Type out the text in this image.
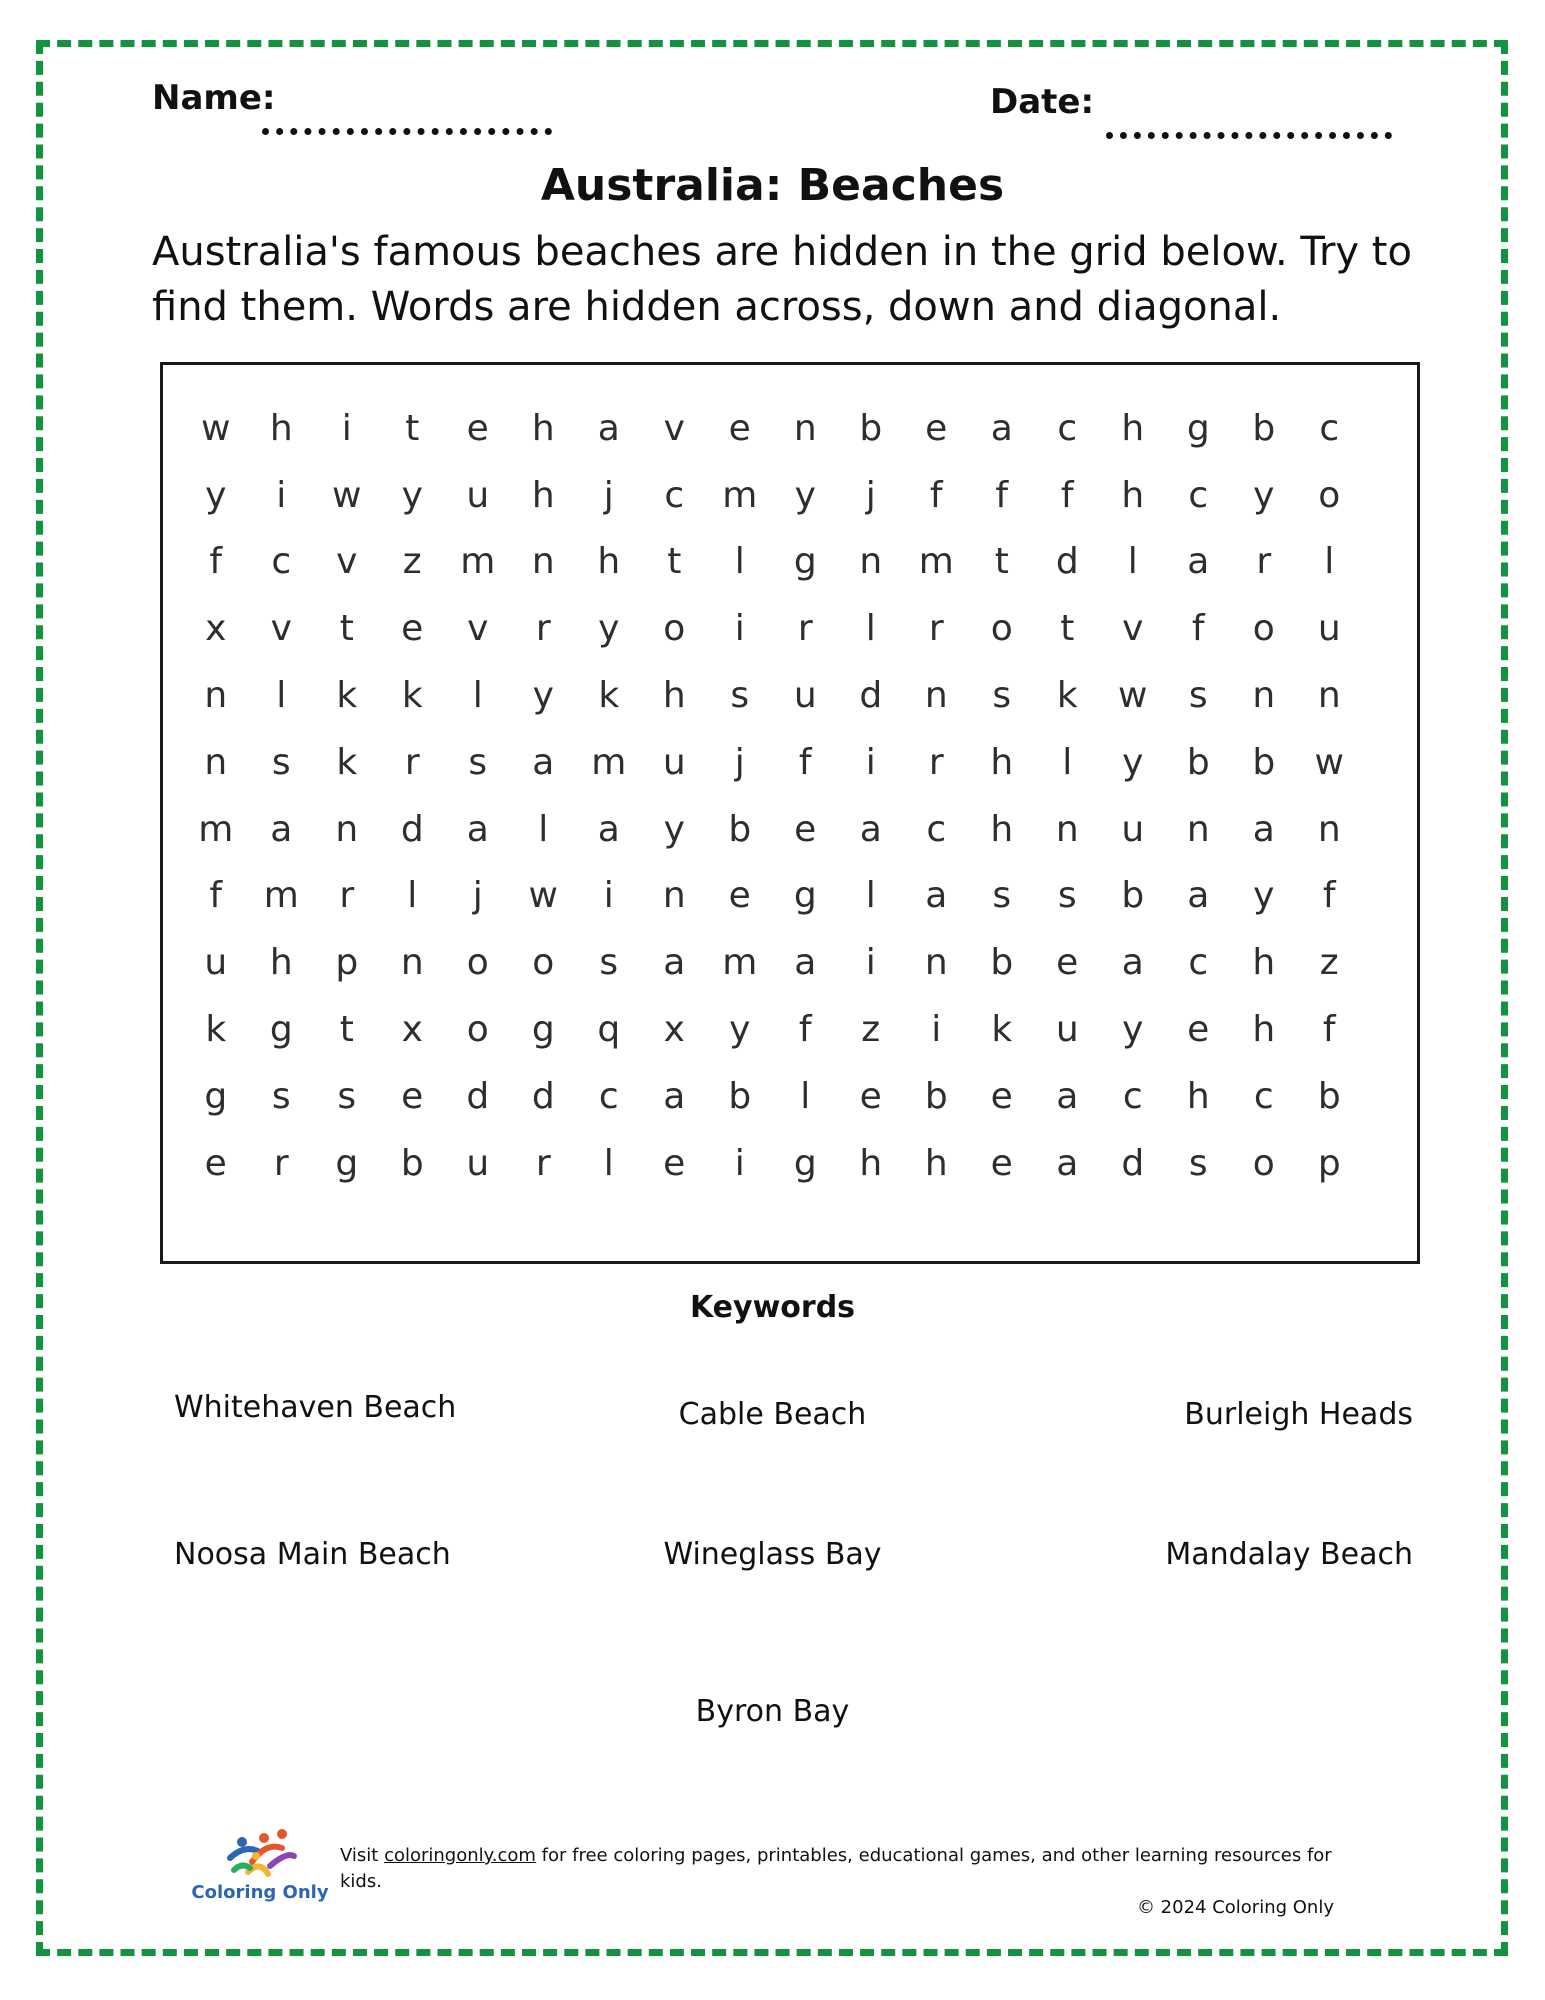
Name:	Date:
Australia: Beaches
Australia's famous beaches are hidden in the grid below. Try to find them. Words are hidden across, down and diagonal.
w	h	i	t	e	h	a	v	e	n	b	e	a	c	h	g	b	c
y	i	w	y	u	h	j	c	m	y	j	f	f	f	h	c	y	o
f	c	v	z	m	n	h	t	l	g	n	m	t	d	l	a	r	l
x	v	t	e	v	r	y	o	i	r	l	r	o	t	v	f	o	u
n	l	k	k	l	y	k	h	s	u	d	n	s	k	w	s	n	n
n	s	k	r	s	a	m	u	j	f	i	r	h	l	y	b	b	w
m	a	n	d	a	l	a	y	b	e	a	c	h	n	u	n	a	n
f	m	r	l	j	w	i	n	e	g	l	a	s	s	b	a	y	f
u	h	p	n	o	o	s	a	m	a	i	n	b	e	a	c	h	z
k	g	t	x	o	g	q	x	y	f	z	i	k	u	y	e	h	f
g	s	s	e	d	d	c	a	b	l	e	b	e	a	c	h	c	b
e	r	g	b	u	r	l	e	i	g	h	h	e	a	d	s	o	p
Keywords
Whitehaven Beach	Cable Beach	Burleigh Heads
Noosa Main Beach	Wineglass Bay	Mandalay Beach
Byron Bay
Coloring Only
Visit coloringonly.com for free coloring pages, printables, educational games, and other learning resources for kids.
© 2024 Coloring Only
